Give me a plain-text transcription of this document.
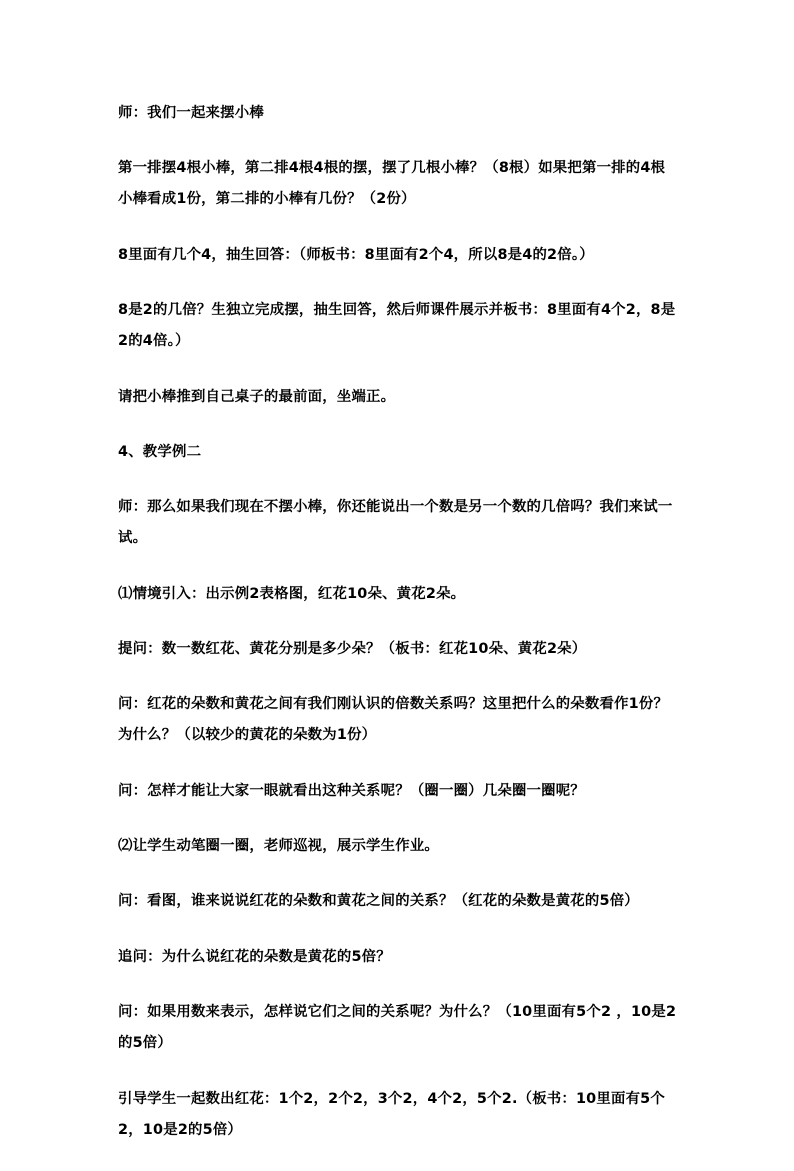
师：我们一起来摆小棒

第一排摆4根小棒，第二排4根4根的摆，摆了几根小棒？（8根）如果把第一排的4根小棒看成1份，第二排的小棒有几份？（2份）

8里面有几个4，抽生回答：（师板书：8里面有2个4，所以8是4的2倍。）

8是2的几倍？生独立完成摆，抽生回答，然后师课件展示并板书：8里面有4个2，8是2的4倍。）

请把小棒推到自己桌子的最前面，坐端正。

4、教学例二

师：那么如果我们现在不摆小棒，你还能说出一个数是另一个数的几倍吗？我们来试一试。

⑴情境引入：出示例2表格图，红花10朵、黄花2朵。

提问：数一数红花、黄花分别是多少朵？（板书：红花10朵、黄花2朵）

问：红花的朵数和黄花之间有我们刚认识的倍数关系吗？这里把什么的朵数看作1份？为什么？（以较少的黄花的朵数为1份）

问：怎样才能让大家一眼就看出这种关系呢？（圈一圈）几朵圈一圈呢？

⑵让学生动笔圈一圈，老师巡视，展示学生作业。

问：看图，谁来说说红花的朵数和黄花之间的关系？（红花的朵数是黄花的5倍）

追问：为什么说红花的朵数是黄花的5倍？

问：如果用数来表示，怎样说它们之间的关系呢？为什么？（10里面有5个2 ，10是2的5倍）

引导学生一起数出红花：1个2，2个2，3个2，4个2，5个2.（板书：10里面有5个2，10是2的5倍）
